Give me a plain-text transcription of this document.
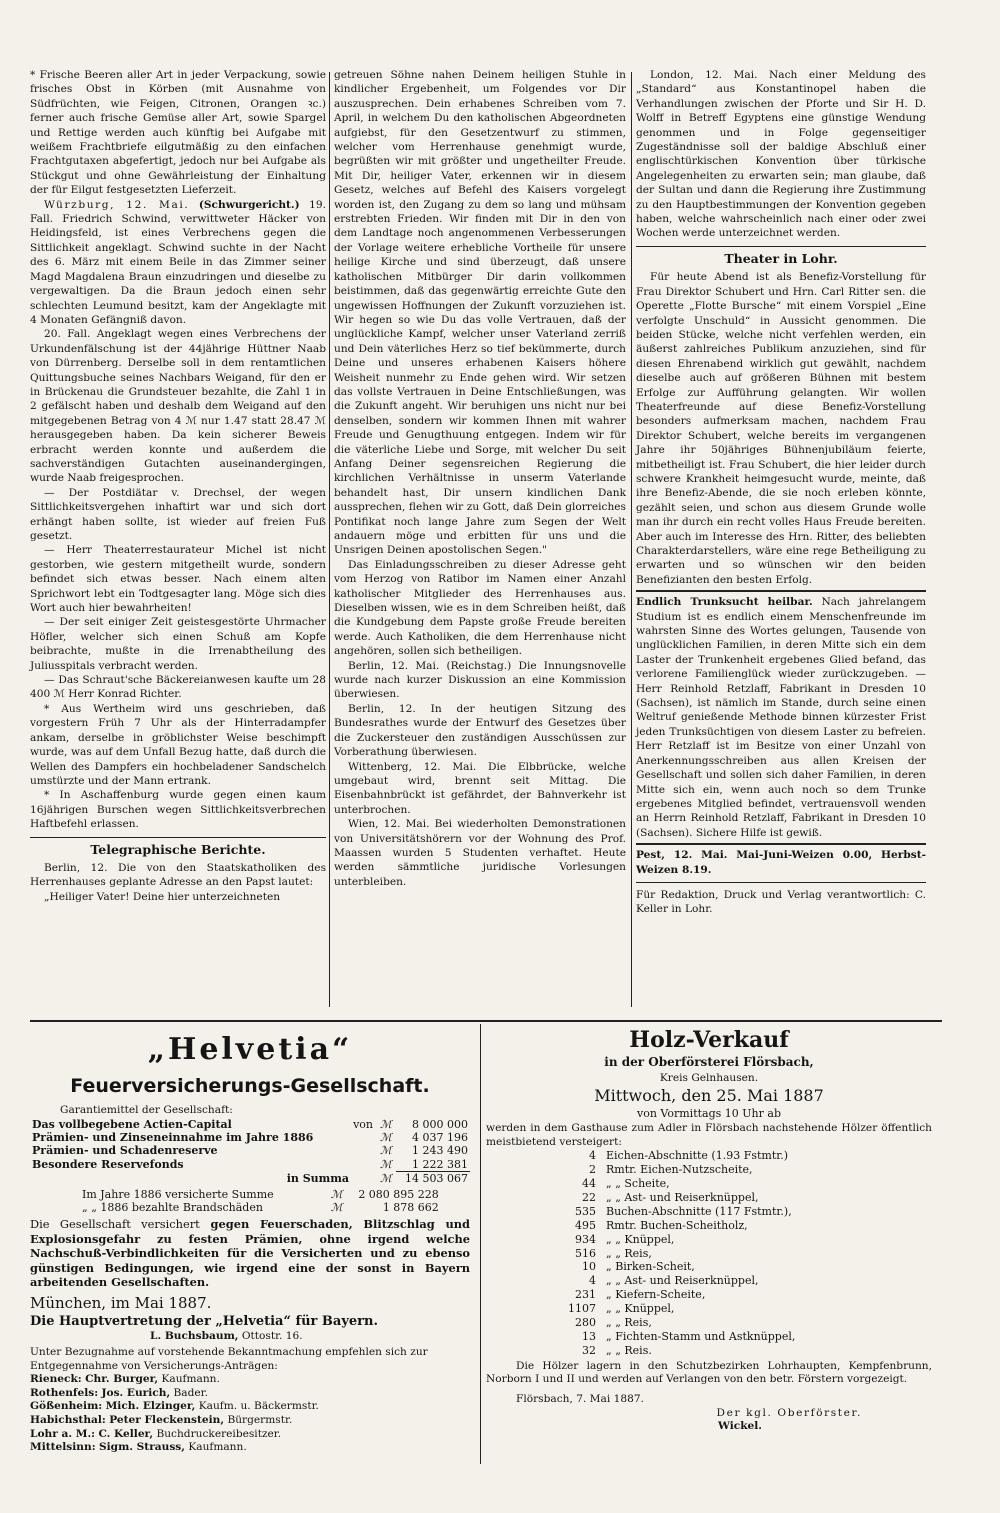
* Frische Beeren aller Art in jeder Verpackung, sowie frisches Obst in Körben (mit Ausnahme von Südfrüchten, wie Feigen, Citronen, Orangen ꝛc.) ferner auch frische Gemüse aller Art, sowie Spargel und Rettige werden auch künftig bei Aufgabe mit weißem Frachtbriefe eilgutmäßig zu den einfachen Frachtgutaxen abgefertigt, jedoch nur bei Aufgabe als Stückgut und ohne Gewährleistung der Einhaltung der für Eilgut festgesetzten Lieferzeit.

Würzburg, 12. Mai. (Schwurgericht.) 19. Fall. Friedrich Schwind, verwittweter Häcker von Heidingsfeld, ist eines Verbrechens gegen die Sittlichkeit angeklagt. Schwind suchte in der Nacht des 6. März mit einem Beile in das Zimmer seiner Magd Magdalena Braun einzudringen und dieselbe zu vergewaltigen. Da die Braun jedoch einen sehr schlechten Leumund besitzt, kam der Angeklagte mit 4 Monaten Gefängniß davon.

20. Fall. Angeklagt wegen eines Verbrechens der Urkundenfälschung ist der 44jährige Hüttner Naab von Dürrenberg. Derselbe soll in dem rentamtlichen Quittungsbuche seines Nachbars Weigand, für den er in Brückenau die Grundsteuer bezahlte, die Zahl 1 in 2 gefälscht haben und deshalb dem Weigand auf den mitgegebenen Betrag von 4 ℳ nur 1.47 statt 28.47 ℳ herausgegeben haben. Da kein sicherer Beweis erbracht werden konnte und außerdem die sachverständigen Gutachten auseinandergingen, wurde Naab freigesprochen.

— Der Postdiätar v. Drechsel, der wegen Sittlichkeitsvergehen inhaftirt war und sich dort erhängt haben sollte, ist wieder auf freien Fuß gesetzt.

— Herr Theaterrestaurateur Michel ist nicht gestorben, wie gestern mitgetheilt wurde, sondern befindet sich etwas besser. Nach einem alten Sprichwort lebt ein Todtgesagter lang. Möge sich dies Wort auch hier bewahrheiten!

— Der seit einiger Zeit geistesgestörte Uhrmacher Höfler, welcher sich einen Schuß am Kopfe beibrachte, mußte in die Irrenabtheilung des Juliusspitals verbracht werden.

— Das Schraut'sche Bäckereianwesen kaufte um 28 400 ℳ Herr Konrad Richter.

* Aus Wertheim wird uns geschrieben, daß vorgestern Früh 7 Uhr als der Hinterradampfer ankam, derselbe in gröblichster Weise beschimpft wurde, was auf dem Unfall Bezug hatte, daß durch die Wellen des Dampfers ein hochbeladener Sandschelch umstürzte und der Mann ertrank.

* In Aschaffenburg wurde gegen einen kaum 16jährigen Burschen wegen Sittlichkeitsverbrechen Haftbefehl erlassen.

Telegraphische Berichte.

Berlin, 12. Die von den Staatskatholiken des Herrenhauses geplante Adresse an den Papst lautet:

„Heiliger Vater! Deine hier unterzeichneten

getreuen Söhne nahen Deinem heiligen Stuhle in kindlicher Ergebenheit, um Folgendes vor Dir auszusprechen. Dein erhabenes Schreiben vom 7. April, in welchem Du den katholischen Abgeordneten aufgiebst, für den Gesetzentwurf zu stimmen, welcher vom Herrenhause genehmigt wurde, begrüßten wir mit größter und ungetheilter Freude. Mit Dir, heiliger Vater, erkennen wir in diesem Gesetz, welches auf Befehl des Kaisers vorgelegt worden ist, den Zugang zu dem so lang und mühsam erstrebten Frieden. Wir finden mit Dir in den von dem Landtage noch angenommenen Verbesserungen der Vorlage weitere erhebliche Vortheile für unsere heilige Kirche und sind überzeugt, daß unsere katholischen Mitbürger Dir darin vollkommen beistimmen, daß das gegenwärtig erreichte Gute den ungewissen Hoffnungen der Zukunft vorzuziehen ist. Wir hegen so wie Du das volle Vertrauen, daß der unglückliche Kampf, welcher unser Vaterland zerriß und Dein väterliches Herz so tief bekümmerte, durch Deine und unseres erhabenen Kaisers höhere Weisheit nunmehr zu Ende gehen wird. Wir setzen das vollste Vertrauen in Deine Entschließungen, was die Zukunft angeht. Wir beruhigen uns nicht nur bei denselben, sondern wir kommen Ihnen mit wahrer Freude und Genugthuung entgegen. Indem wir für die väterliche Liebe und Sorge, mit welcher Du seit Anfang Deiner segensreichen Regierung die kirchlichen Verhältnisse in unserm Vaterlande behandelt hast, Dir unsern kindlichen Dank aussprechen, flehen wir zu Gott, daß Dein glorreiches Pontifikat noch lange Jahre zum Segen der Welt andauern möge und erbitten für uns und die Unsrigen Deinen apostolischen Segen."

Das Einladungsschreiben zu dieser Adresse geht vom Herzog von Ratibor im Namen einer Anzahl katholischer Mitglieder des Herrenhauses aus. Dieselben wissen, wie es in dem Schreiben heißt, daß die Kundgebung dem Papste große Freude bereiten werde. Auch Katholiken, die dem Herrenhause nicht angehören, sollen sich betheiligen.

Berlin, 12. Mai. (Reichstag.) Die Innungsnovelle wurde nach kurzer Diskussion an eine Kommission überwiesen.

Berlin, 12. In der heutigen Sitzung des Bundesrathes wurde der Entwurf des Gesetzes über die Zuckersteuer den zuständigen Ausschüssen zur Vorberathung überwiesen.

Wittenberg, 12. Mai. Die Elbbrücke, welche umgebaut wird, brennt seit Mittag. Die Eisenbahnbrückt ist gefährdet, der Bahnverkehr ist unterbrochen.

Wien, 12. Mai. Bei wiederholten Demonstrationen von Universitätshörern vor der Wohnung des Prof. Maassen wurden 5 Studenten verhaftet. Heute werden sämmtliche juridische Vorlesungen unterbleiben.

London, 12. Mai. Nach einer Meldung des „Standard“ aus Konstantinopel haben die Verhandlungen zwischen der Pforte und Sir H. D. Wolff in Betreff Egyptens eine günstige Wendung genommen und in Folge gegenseitiger Zugeständnisse soll der baldige Abschluß einer englischtürkischen Konvention über türkische Angelegenheiten zu erwarten sein; man glaube, daß der Sultan und dann die Regierung ihre Zustimmung zu den Hauptbestimmungen der Konvention gegeben haben, welche wahrscheinlich nach einer oder zwei Wochen werde unterzeichnet werden.

Theater in Lohr.

Für heute Abend ist als Benefiz-Vorstellung für Frau Direktor Schubert und Hrn. Carl Ritter sen. die Operette „Flotte Bursche“ mit einem Vorspiel „Eine verfolgte Unschuld“ in Aussicht genommen. Die beiden Stücke, welche nicht verfehlen werden, ein äußerst zahlreiches Publikum anzuziehen, sind für diesen Ehrenabend wirklich gut gewählt, nachdem dieselbe auch auf größeren Bühnen mit bestem Erfolge zur Aufführung gelangten. Wir wollen Theaterfreunde auf diese Benefiz-Vorstellung besonders aufmerksam machen, nachdem Frau Direktor Schubert, welche bereits im vergangenen Jahre ihr 50jähriges Bühnenjubiläum feierte, mitbetheiligt ist. Frau Schubert, die hier leider durch schwere Krankheit heimgesucht wurde, meinte, daß ihre Benefiz-Abende, die sie noch erleben könnte, gezählt seien, und schon aus diesem Grunde wolle man ihr durch ein recht volles Haus Freude bereiten. Aber auch im Interesse des Hrn. Ritter, des beliebten Charakterdarstellers, wäre eine rege Betheiligung zu erwarten und so wünschen wir den beiden Benefizianten den besten Erfolg.

Endlich Trunksucht heilbar. Nach jahrelangem Studium ist es endlich einem Menschenfreunde im wahrsten Sinne des Wortes gelungen, Tausende von unglücklichen Familien, in deren Mitte sich ein dem Laster der Trunkenheit ergebenes Glied befand, das verlorene Familienglück wieder zurückzugeben. — Herr Reinhold Retzlaff, Fabrikant in Dresden 10 (Sachsen), ist nämlich im Stande, durch seine einen Weltruf genießende Methode binnen kürzester Frist jeden Trunksüchtigen von diesem Laster zu befreien. Herr Retzlaff ist im Besitze von einer Unzahl von Anerkennungsschreiben aus allen Kreisen der Gesellschaft und sollen sich daher Familien, in deren Mitte sich ein, wenn auch noch so dem Trunke ergebenes Mitglied befindet, vertrauensvoll wenden an Herrn Reinhold Retzlaff, Fabrikant in Dresden 10 (Sachsen). Sichere Hilfe ist gewiß.

Pest, 12. Mai. Mai-Juni-Weizen 0.00, Herbst-Weizen 8.19.

Für Redaktion, Druck und Verlag verantwortlich: C. Keller in Lohr.

„Helvetia“
Feuerversicherungs-Gesellschaft.
Garantiemittel der Gesellschaft:
Das vollbegebene Actien-Capital	von	ℳ	8 000 000
Prämien- und Zinseneinnahme im Jahre 1886		ℳ	4 037 196
Prämien- und Schadenreserve		ℳ	1 243 490
Besondere Reservefonds		ℳ	1 222 381
in Summa		ℳ	14 503 067
Im Jahre 1886 versicherte Summe	ℳ	2 080 895 228
„ „ 1886 bezahlte Brandschäden	ℳ	1 878 662
Die Gesellschaft versichert gegen Feuerschaden, Blitzschlag und Explosionsgefahr zu festen Prämien, ohne irgend welche Nachschuß-Verbindlichkeiten für die Versicherten und zu ebenso günstigen Bedingungen, wie irgend eine der sonst in Bayern arbeitenden Gesellschaften.
München, im Mai 1887.
Die Hauptvertretung der „Helvetia“ für Bayern.
L. Buchsbaum, Ottostr. 16.
Unter Bezugnahme auf vorstehende Bekanntmachung empfehlen sich zur Entgegennahme von Versicherungs-Anträgen:
Rieneck: Chr. Burger, Kaufmann.
Rothenfels: Jos. Eurich, Bader.
Gößenheim: Mich. Elzinger, Kaufm. u. Bäckermstr.
Habichsthal: Peter Fleckenstein, Bürgermstr.
Lohr a. M.: C. Keller, Buchdruckereibesitzer.
Mittelsinn: Sigm. Strauss, Kaufmann.
Holz-Verkauf
in der Oberförsterei Flörsbach,
Kreis Gelnhausen.
Mittwoch, den 25. Mai 1887
von Vormittags 10 Uhr ab
werden in dem Gasthause zum Adler in Flörsbach nachstehende Hölzer öffentlich meistbietend versteigert:
4	Eichen-Abschnitte (1.93 Fstmtr.)
2	Rmtr. Eichen-Nutzscheite,
44	„ „ Scheite,
22	„ „ Ast- und Reiserknüppel,
535	Buchen-Abschnitte (117 Fstmtr.),
495	Rmtr. Buchen-Scheitholz,
934	„ „ Knüppel,
516	„ „ Reis,
10	„ Birken-Scheit,
4	„ „ Ast- und Reiserknüppel,
231	„ Kiefern-Scheite,
1107	„ „ Knüppel,
280	„ „ Reis,
13	„ Fichten-Stamm und Astknüppel,
32	„ „ Reis.
Die Hölzer lagern in den Schutzbezirken Lohrhaupten, Kempfenbrunn, Norborn I und II und werden auf Verlangen von den betr. Förstern vorgezeigt.
Flörsbach, 7. Mai 1887.
Der kgl. Oberförster.
Wickel.
